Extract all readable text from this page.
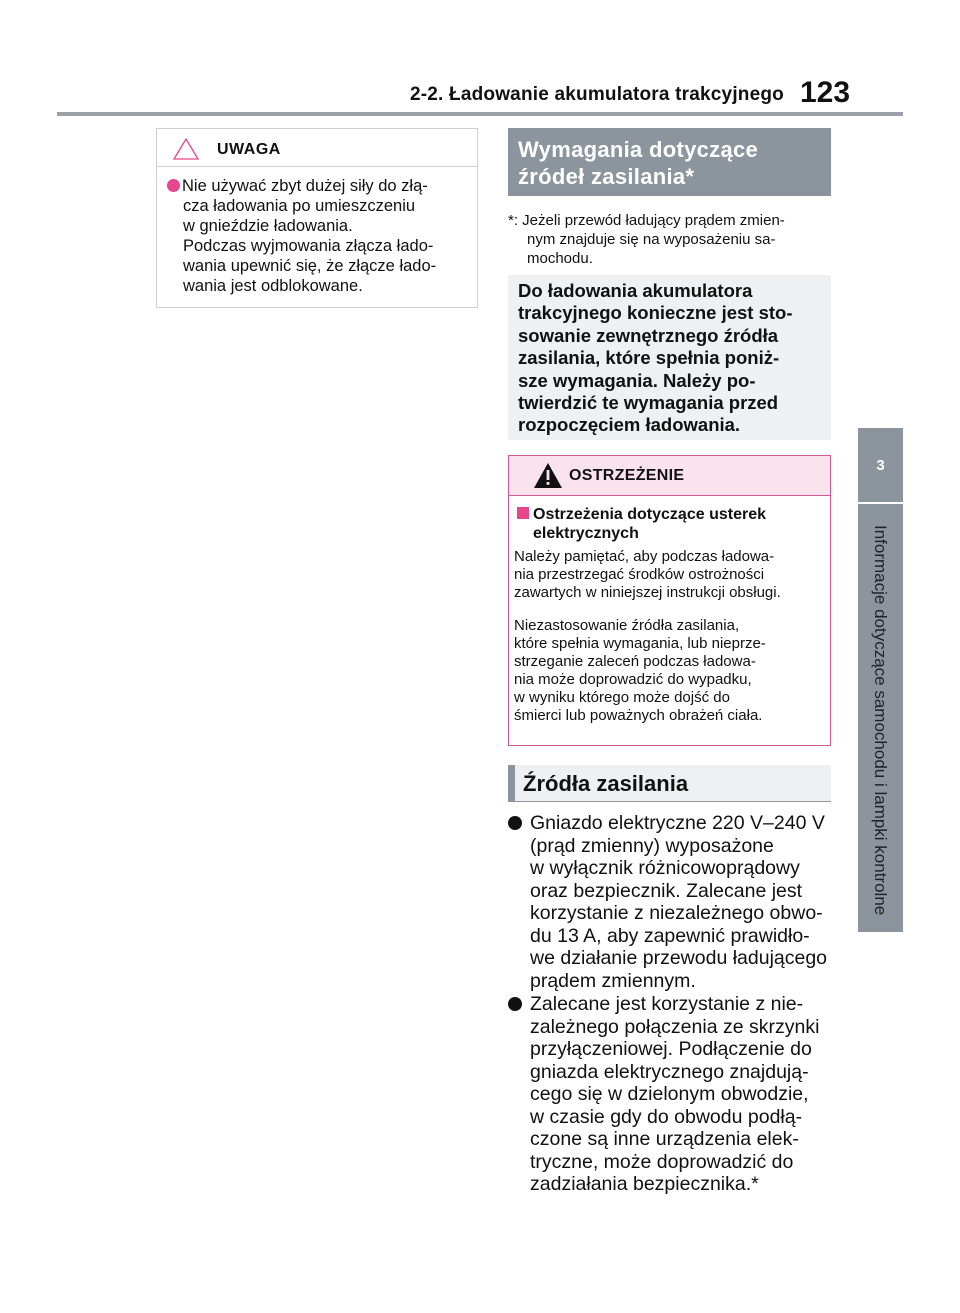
2-2. Ładowanie akumulatora trakcyjnego 123
3
Informacje dotyczące samochodu i lampki kontrolne
UWAGA
Nie używać zbyt dużej siły do złą-
cza ładowania po umieszczeniu
w gnieździe ładowania.
Podczas wyjmowania złącza łado-
wania upewnić się, że złącze łado-
wania jest odblokowane.
Wymagania dotyczące
źródeł zasilania*
*: Jeżeli przewód ładujący prądem zmien-
nym znajduje się na wyposażeniu sa-
mochodu.
Do ładowania akumulatora
trakcyjnego konieczne jest sto-
sowanie zewnętrznego źródła
zasilania, które spełnia poniż-
sze wymagania. Należy po-
twierdzić te wymagania przed
rozpoczęciem ładowania.
OSTRZEŻENIE
Ostrzeżenia dotyczące usterek
elektrycznych
Należy pamiętać, aby podczas ładowa-
nia przestrzegać środków ostrożności
zawartych w niniejszej instrukcji obsługi.
Niezastosowanie źródła zasilania,
które spełnia wymagania, lub nieprze-
strzeganie zaleceń podczas ładowa-
nia może doprowadzić do wypadku,
w wyniku którego może dojść do
śmierci lub poważnych obrażeń ciała.
Źródła zasilania
Gniazdo elektryczne 220 V–240 V
(prąd zmienny) wyposażone
w wyłącznik różnicowoprądowy
oraz bezpiecznik. Zalecane jest
korzystanie z niezależnego obwo-
du 13 A, aby zapewnić prawidło-
we działanie przewodu ładującego
prądem zmiennym.
Zalecane jest korzystanie z nie-
zależnego połączenia ze skrzynki
przyłączeniowej. Podłączenie do
gniazda elektrycznego znajdują-
cego się w dzielonym obwodzie,
w czasie gdy do obwodu podłą-
czone są inne urządzenia elek-
tryczne, może doprowadzić do
zadziałania bezpiecznika.*
